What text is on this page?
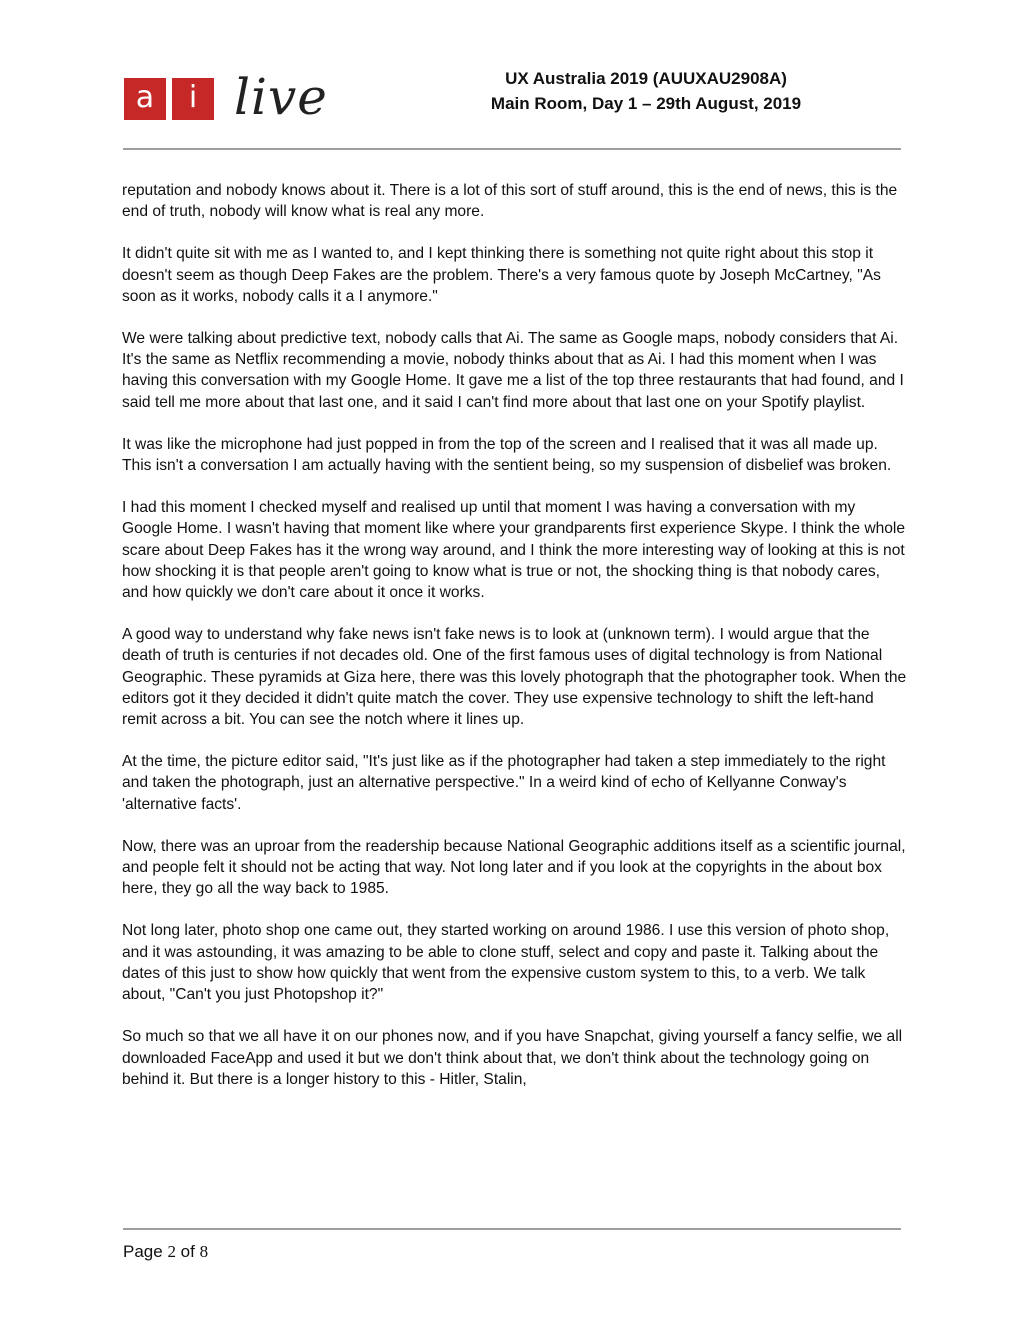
a	i live	UX Australia 2019 (AUUXAU2908A)
Main Room, Day 1 – 29th August, 2019

reputation and nobody knows about it. There is a lot of this sort of stuff around, this is the end of news, this is the end of truth, nobody will know what is real any more.

It didn't quite sit with me as I wanted to, and I kept thinking there is something not quite right about this stop it doesn't seem as though Deep Fakes are the problem. There's a very famous quote by Joseph McCartney, "As soon as it works, nobody calls it a I anymore."

We were talking about predictive text, nobody calls that Ai. The same as Google maps, nobody considers that Ai. It's the same as Netflix recommending a movie, nobody thinks about that as Ai. I had this moment when I was having this conversation with my Google Home. It gave me a list of the top three restaurants that had found, and I said tell me more about that last one, and it said I can't find more about that last one on your Spotify playlist.

It was like the microphone had just popped in from the top of the screen and I realised that it was all made up. This isn't a conversation I am actually having with the sentient being, so my suspension of disbelief was broken.

I had this moment I checked myself and realised up until that moment I was having a conversation with my Google Home. I wasn't having that moment like where your grandparents first experience Skype. I think the whole scare about Deep Fakes has it the wrong way around, and I think the more interesting way of looking at this is not how shocking it is that people aren't going to know what is true or not, the shocking thing is that nobody cares, and how quickly we don't care about it once it works.

A good way to understand why fake news isn't fake news is to look at (unknown term). I would argue that the death of truth is centuries if not decades old. One of the first famous uses of digital technology is from National Geographic. These pyramids at Giza here, there was this lovely photograph that the photographer took. When the editors got it they decided it didn't quite match the cover. They use expensive technology to shift the left-hand remit across a bit. You can see the notch where it lines up.

At the time, the picture editor said, "It's just like as if the photographer had taken a step immediately to the right and taken the photograph, just an alternative perspective." In a weird kind of echo of Kellyanne Conway's 'alternative facts'.

Now, there was an uproar from the readership because National Geographic additions itself as a scientific journal, and people felt it should not be acting that way. Not long later and if you look at the copyrights in the about box here, they go all the way back to 1985.

Not long later, photo shop one came out, they started working on around 1986. I use this version of photo shop, and it was astounding, it was amazing to be able to clone stuff, select and copy and paste it. Talking about the dates of this just to show how quickly that went from the expensive custom system to this, to a verb. We talk about, "Can't you just Photopshop it?"

So much so that we all have it on our phones now, and if you have Snapchat, giving yourself a fancy selfie, we all downloaded FaceApp and used it but we don't think about that, we don't think about the technology going on behind it. But there is a longer history to this - Hitler, Stalin,

Page 2 of 8
